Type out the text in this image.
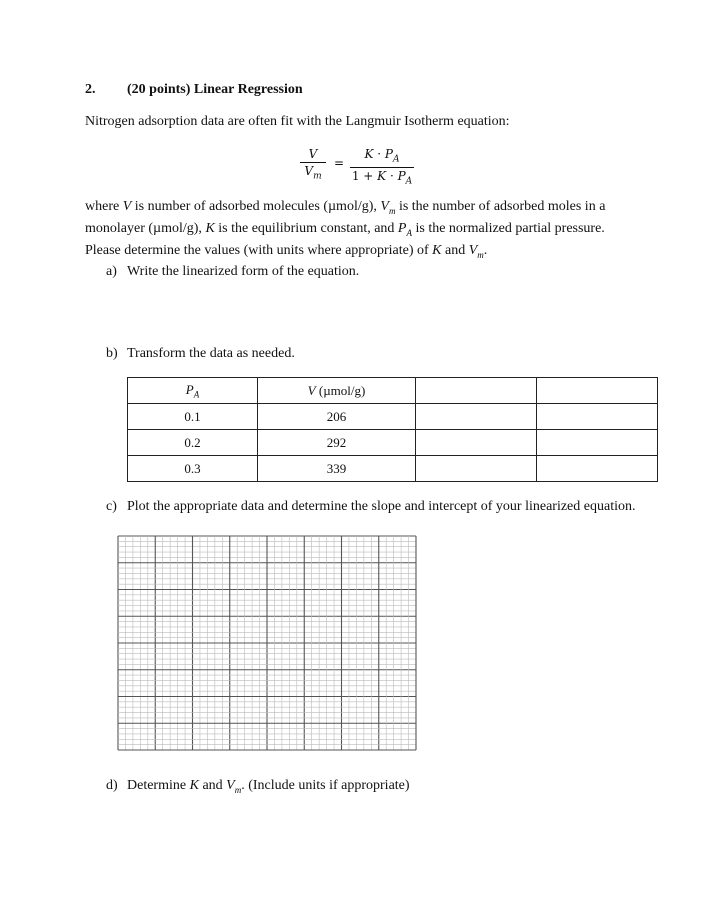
2. (20 points) Linear Regression
Nitrogen adsorption data are often fit with the Langmuir Isotherm equation:
V
$V_m$
=
$K \cdot P_A$
$1 + K \cdot P_A$
where V is number of adsorbed molecules (µmol/g), $V_m$ is the number of adsorbed moles in a
monolayer (µmol/g), K is the equilibrium constant, and $P_A$ is the normalized partial pressure.
Please determine the values (with units where appropriate) of K and $V_m$.
a) Write the linearized form of the equation.
b) Transform the data as needed.
$P_A$	V (µmol/g)		
0.1	206		
0.2	292		
0.3	339		
c) Plot the appropriate data and determine the slope and intercept of your linearized equation.
d) Determine K and $V_m$. (Include units if appropriate)
